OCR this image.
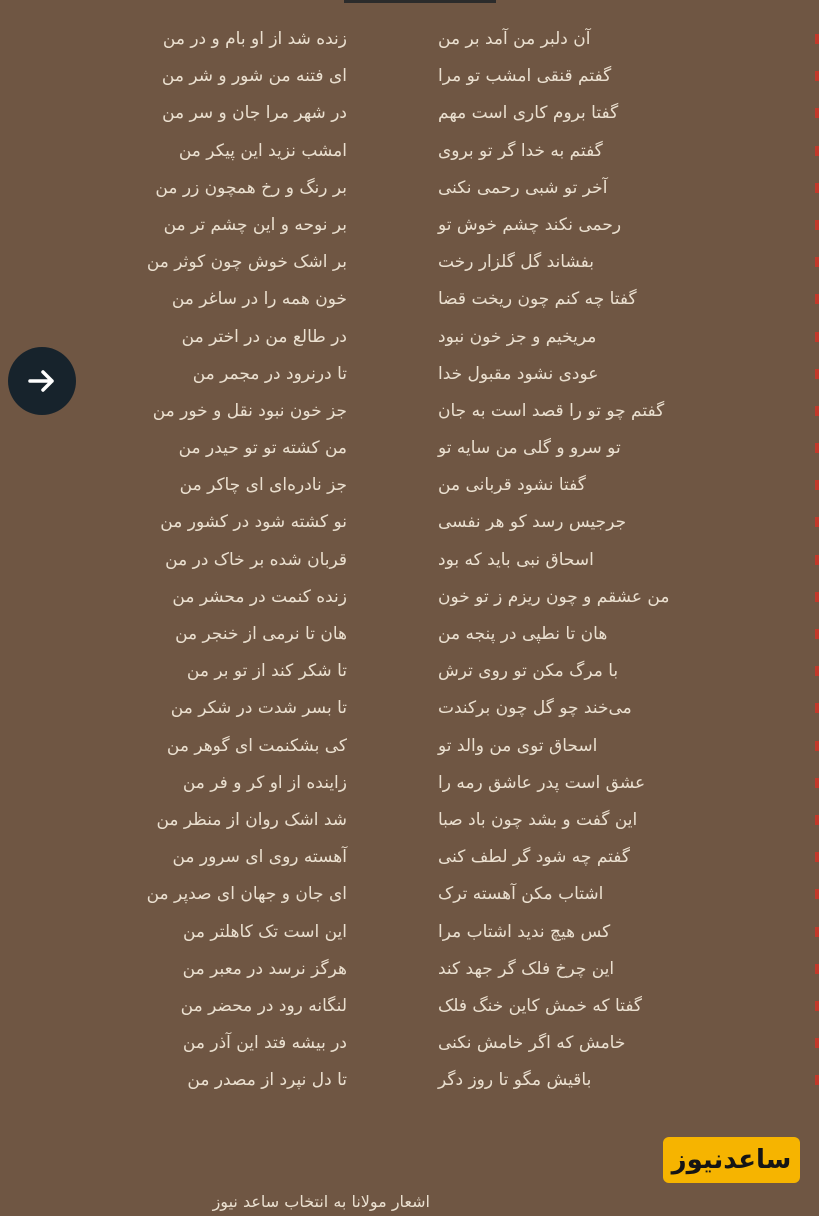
آن دلبر من آمد بر من
زنده شد از او بام و در من
گفتم قنقی امشب تو مرا
ای فتنه من شور و شر من
گفتا بروم کاری است مهم
در شهر مرا جان و سر من
گفتم به خدا گر تو بروی
امشب نزید این پیکر من
آخر تو شبی رحمی نکنی
بر رنگ و رخ همچون زر من
رحمی نکند چشم خوش تو
بر نوحه و این چشم تر من
بفشاند گل گلزار رخت
بر اشک خوش چون کوثر من
گفتا چه کنم چون ریخت قضا
خون همه را در ساغر من
مریخیم و جز خون نبود
در طالع من در اختر من
عودی نشود مقبول خدا
تا درنرود در مجمر من
گفتم چو تو را قصد است به جان
جز خون نبود نقل و خور من
تو سرو و گلی من سایه تو
من کشته تو تو حیدر من
گفتا نشود قربانی من
جز نادره‌ای ای چاکر من
جرجیس رسد کو هر نفسی
نو کشته شود در کشور من
اسحاق نبی باید که بود
قربان شده بر خاک در من
من عشقم و چون ریزم ز تو خون
زنده کنمت در محشر من
هان تا نطپی در پنجه من
هان تا نرمی از خنجر من
با مرگ مکن تو روی ترش
تا شکر کند از تو بر من
می‌خند چو گل چون برکندت
تا بسر شدت در شکر من
اسحاق توی من والد تو
کی بشکنمت ای گوهر من
عشق است پدر عاشق رمه را
زاینده از او کر و فر من
این گفت و بشد چون باد صبا
شد اشک روان از منظر من
گفتم چه شود گر لطف کنی
آهسته روی ای سرور من
اشتاب مکن آهسته ترک
ای جان و جهان ای صدپر من
کس هیچ ندید اشتاب مرا
این است تک کاهلتر من
این چرخ فلک گر جهد کند
هرگز نرسد در معبر من
گفتا که خمش کاین خنگ فلک
لنگانه رود در محضر من
خامش که اگر خامش نکنی
در بیشه فتد این آذر من
باقیش مگو تا روز دگر
تا دل نپرد از مصدر من
ساعدنیوز
اشعار مولانا به انتخاب ساعد نیوز
